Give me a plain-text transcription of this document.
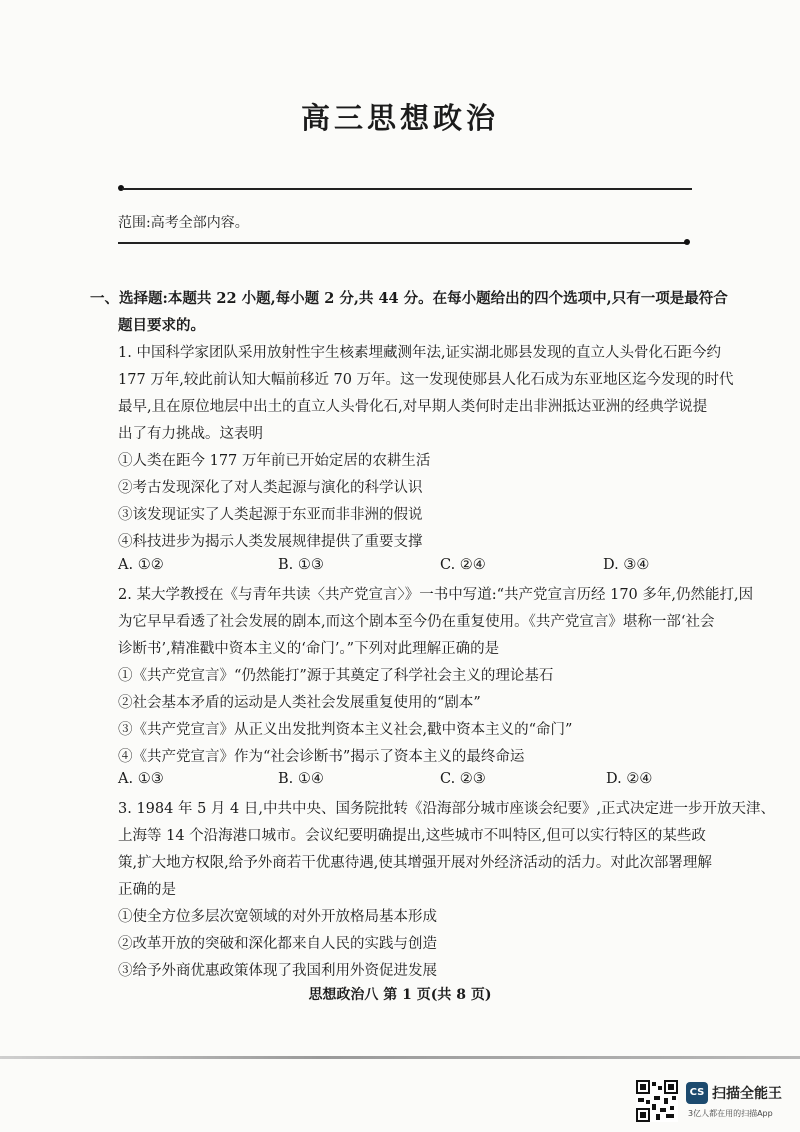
高三思想政治
范围:高考全部内容。
一、选择题:本题共 22 小题,每小题 2 分,共 44 分。在每小题给出的四个选项中,只有一项是最符合
题目要求的。
1. 中国科学家团队采用放射性宇生核素埋藏测年法,证实湖北郧县发现的直立人头骨化石距今约
177 万年,较此前认知大幅前移近 70 万年。这一发现使郧县人化石成为东亚地区迄今发现的时代
最早,且在原位地层中出土的直立人头骨化石,对早期人类何时走出非洲抵达亚洲的经典学说提
出了有力挑战。这表明
①人类在距今 177 万年前已开始定居的农耕生活
②考古发现深化了对人类起源与演化的科学认识
③该发现证实了人类起源于东亚而非非洲的假说
④科技进步为揭示人类发展规律提供了重要支撑
A. ①②	B. ①③	C. ②④	D. ③④
2. 某大学教授在《与青年共读〈共产党宣言〉》一书中写道:“共产党宣言历经 170 多年,仍然能打,因
为它早早看透了社会发展的剧本,而这个剧本至今仍在重复使用。《共产党宣言》堪称一部‘社会
诊断书’,精准戳中资本主义的‘命门’。”下列对此理解正确的是
①《共产党宣言》“仍然能打”源于其奠定了科学社会主义的理论基石
②社会基本矛盾的运动是人类社会发展重复使用的“剧本”
③《共产党宣言》从正义出发批判资本主义社会,戳中资本主义的“命门”
④《共产党宣言》作为“社会诊断书”揭示了资本主义的最终命运
A. ①③	B. ①④	C. ②③	D. ②④
3. 1984 年 5 月 4 日,中共中央、国务院批转《沿海部分城市座谈会纪要》,正式决定进一步开放天津、
上海等 14 个沿海港口城市。会议纪要明确提出,这些城市不叫特区,但可以实行特区的某些政
策,扩大地方权限,给予外商若干优惠待遇,使其增强开展对外经济活动的活力。对此次部署理解
正确的是
①使全方位多层次宽领域的对外开放格局基本形成
②改革开放的突破和深化都来自人民的实践与创造
③给予外商优惠政策体现了我国利用外资促进发展
思想政治八 第 1 页(共 8 页)
CS 扫描全能王
3亿人都在用的扫描App
